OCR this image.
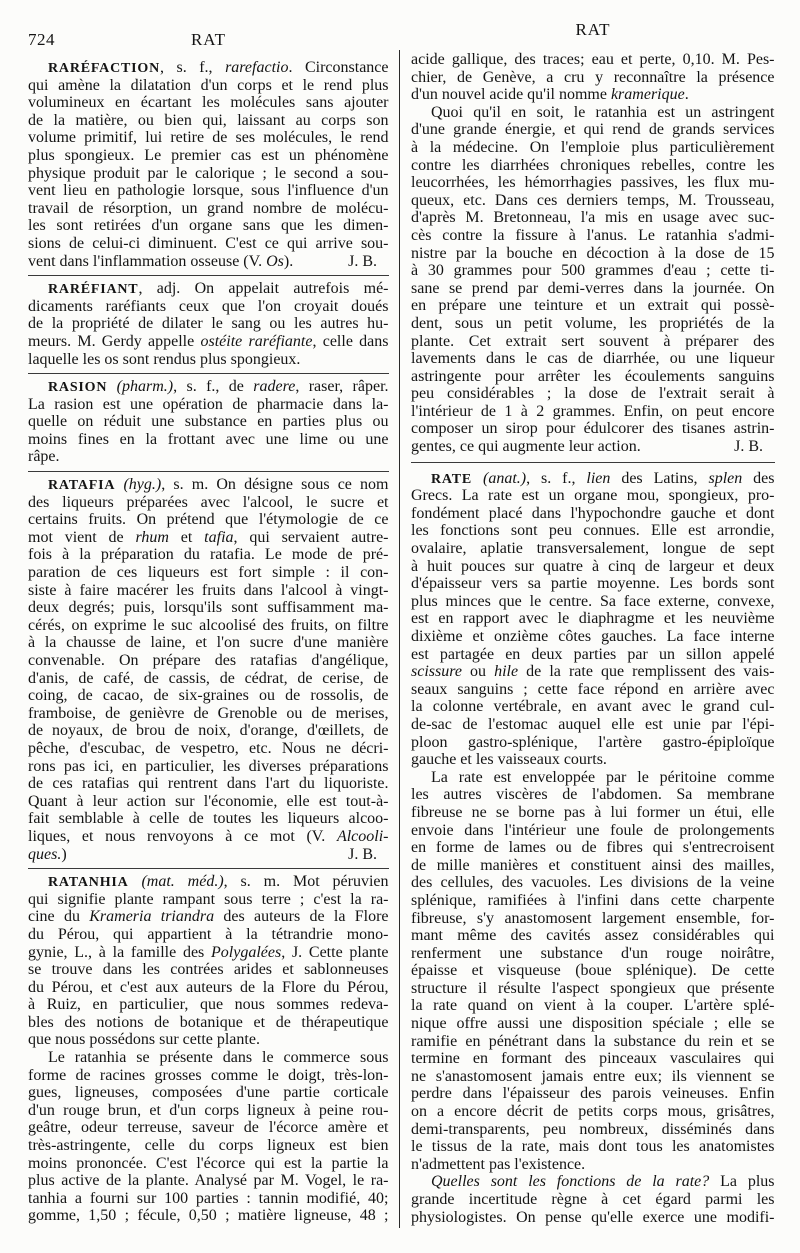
724	RAT
RAT
RARÉFACTION, s. f., rarefactio. Circonstance
qui amène la dilatation d'un corps et le rend plus
volumineux en écartant les molécules sans ajouter
de la matière, ou bien qui, laissant au corps son
volume primitif, lui retire de ses molécules, le rend
plus spongieux. Le premier cas est un phénomène
physique produit par le calorique ; le second a sou-
vent lieu en pathologie lorsque, sous l'influence d'un
travail de résorption, un grand nombre de molécu-
les sont retirées d'un organe sans que les dimen-
sions de celui-ci diminuent. C'est ce qui arrive sou-
vent dans l'inflammation osseuse (V. Os).	J. B.
RARÉFIANT, adj. On appelait autrefois mé-
dicaments raréfiants ceux que l'on croyait doués
de la propriété de dilater le sang ou les autres hu-
meurs. M. Gerdy appelle ostéite raréfiante, celle dans
laquelle les os sont rendus plus spongieux.
RASION (pharm.), s. f., de radere, raser, râper.
La rasion est une opération de pharmacie dans la-
quelle on réduit une substance en parties plus ou
moins fines en la frottant avec une lime ou une
râpe.
RATAFIA (hyg.), s. m. On désigne sous ce nom
des liqueurs préparées avec l'alcool, le sucre et
certains fruits. On prétend que l'étymologie de ce
mot vient de rhum et tafia, qui servaient autre-
fois à la préparation du ratafia. Le mode de pré-
paration de ces liqueurs est fort simple : il con-
siste à faire macérer les fruits dans l'alcool à vingt-
deux degrés; puis, lorsqu'ils sont suffisamment ma-
cérés, on exprime le suc alcoolisé des fruits, on filtre
à la chausse de laine, et l'on sucre d'une manière
convenable. On prépare des ratafias d'angélique,
d'anis, de café, de cassis, de cédrat, de cerise, de
coing, de cacao, de six-graines ou de rossolis, de
framboise, de genièvre de Grenoble ou de merises,
de noyaux, de brou de noix, d'orange, d'œillets, de
pêche, d'escubac, de vespetro, etc. Nous ne décri-
rons pas ici, en particulier, les diverses préparations
de ces ratafias qui rentrent dans l'art du liquoriste.
Quant à leur action sur l'économie, elle est tout-à-
fait semblable à celle de toutes les liqueurs alcoo-
liques, et nous renvoyons à ce mot (V. Alcooli-
ques.)	J. B.
RATANHIA (mat. méd.), s. m. Mot péruvien
qui signifie plante rampant sous terre ; c'est la ra-
cine du Krameria triandra des auteurs de la Flore
du Pérou, qui appartient à la tétrandrie mono-
gynie, L., à la famille des Polygalées, J. Cette plante
se trouve dans les contrées arides et sablonneuses
du Pérou, et c'est aux auteurs de la Flore du Pérou,
à Ruiz, en particulier, que nous sommes redeva-
bles des notions de botanique et de thérapeutique
que nous possédons sur cette plante.
Le ratanhia se présente dans le commerce sous
forme de racines grosses comme le doigt, très-lon-
gues, ligneuses, composées d'une partie corticale
d'un rouge brun, et d'un corps ligneux à peine rou-
geâtre, odeur terreuse, saveur de l'écorce amère et
très-astringente, celle du corps ligneux est bien
moins prononcée. C'est l'écorce qui est la partie la
plus active de la plante. Analysé par M. Vogel, le ra-
tanhia a fourni sur 100 parties : tannin modifié, 40;
gomme, 1,50 ; fécule, 0,50 ; matière ligneuse, 48 ;
acide gallique, des traces; eau et perte, 0,10. M. Pes-
chier, de Genève, a cru y reconnaître la présence
d'un nouvel acide qu'il nomme kramerique.
Quoi qu'il en soit, le ratanhia est un astringent
d'une grande énergie, et qui rend de grands services
à la médecine. On l'emploie plus particulièrement
contre les diarrhées chroniques rebelles, contre les
leucorrhées, les hémorrhagies passives, les flux mu-
queux, etc. Dans ces derniers temps, M. Trousseau,
d'après M. Bretonneau, l'a mis en usage avec suc-
cès contre la fissure à l'anus. Le ratanhia s'admi-
nistre par la bouche en décoction à la dose de 15
à 30 grammes pour 500 grammes d'eau ; cette ti-
sane se prend par demi-verres dans la journée. On
en prépare une teinture et un extrait qui possè-
dent, sous un petit volume, les propriétés de la
plante. Cet extrait sert souvent à préparer des
lavements dans le cas de diarrhée, ou une liqueur
astringente pour arrêter les écoulements sanguins
peu considérables ; la dose de l'extrait serait à
l'intérieur de 1 à 2 grammes. Enfin, on peut encore
composer un sirop pour édulcorer des tisanes astrin-
gentes, ce qui augmente leur action.	J. B.
RATE (anat.), s. f., lien des Latins, splen des
Grecs. La rate est un organe mou, spongieux, pro-
fondément placé dans l'hypochondre gauche et dont
les fonctions sont peu connues. Elle est arrondie,
ovalaire, aplatie transversalement, longue de sept
à huit pouces sur quatre à cinq de largeur et deux
d'épaisseur vers sa partie moyenne. Les bords sont
plus minces que le centre. Sa face externe, convexe,
est en rapport avec le diaphragme et les neuvième
dixième et onzième côtes gauches. La face interne
est partagée en deux parties par un sillon appelé
scissure ou hile de la rate que remplissent des vais-
seaux sanguins ; cette face répond en arrière avec
la colonne vertébrale, en avant avec le grand cul-
de-sac de l'estomac auquel elle est unie par l'épi-
ploon gastro-splénique, l'artère gastro-épiploïque
gauche et les vaisseaux courts.
La rate est enveloppée par le péritoine comme
les autres viscères de l'abdomen. Sa membrane
fibreuse ne se borne pas à lui former un étui, elle
envoie dans l'intérieur une foule de prolongements
en forme de lames ou de fibres qui s'entrecroisent
de mille manières et constituent ainsi des mailles,
des cellules, des vacuoles. Les divisions de la veine
splénique, ramifiées à l'infini dans cette charpente
fibreuse, s'y anastomosent largement ensemble, for-
mant même des cavités assez considérables qui
renferment une substance d'un rouge noirâtre,
épaisse et visqueuse (boue splénique). De cette
structure il résulte l'aspect spongieux que présente
la rate quand on vient à la couper. L'artère splé-
nique offre aussi une disposition spéciale ; elle se
ramifie en pénétrant dans la substance du rein et se
termine en formant des pinceaux vasculaires qui
ne s'anastomosent jamais entre eux; ils viennent se
perdre dans l'épaisseur des parois veineuses. Enfin
on a encore décrit de petits corps mous, grisâtres,
demi-transparents, peu nombreux, disséminés dans
le tissus de la rate, mais dont tous les anatomistes
n'admettent pas l'existence.
Quelles sont les fonctions de la rate? La plus
grande incertitude règne à cet égard parmi les
physiologistes. On pense qu'elle exerce une modifi-
